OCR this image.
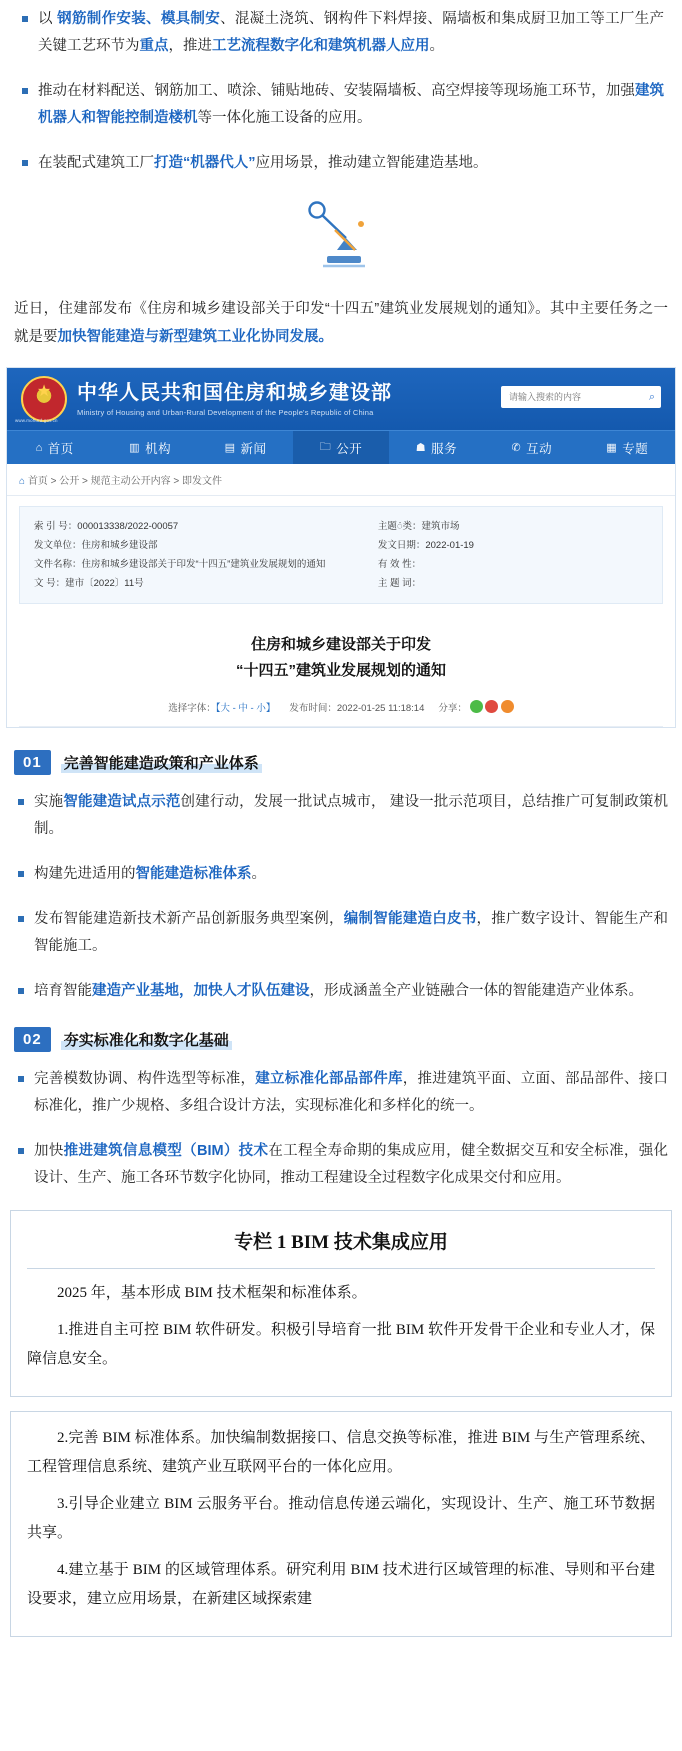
以 钢筋制作安装、模具制安、混凝土浇筑、钢构件下料焊接、隔墙板和集成厨卫加工等工厂生产关键工艺环节为重点，推进工艺流程数字化和建筑机器人应用。
推动在材料配送、钢筋加工、喷涂、铺贴地砖、安装隔墙板、高空焊接等现场施工环节，加强建筑机器人和智能控制造楼机等一体化施工设备的应用。
在装配式建筑工厂打造“机器代人”应用场景，推动建立智能建造基地。
近日，住建部发布《住房和城乡建设部关于印发“十四五”建筑业发展规划的通知》。其中主要任务之一就是要加快智能建造与新型建筑工业化协同发展。
★
中华人民共和国住房和城乡建设部
Ministry of Housing and Urban-Rural Development of the People's Republic of China
www.mohurd.gov.cn
请输入搜索的内容
⌕
⌂ 首页	▥ 机构	▤ 新闻	🗀 公开	☗ 服务	✆ 互动	▦ 专题
⌂ 首页 > 公开 > 规范主动公开内容 > 即发文件
索 引 号：000013338/2022-00057
发文单位：住房和城乡建设部
文件名称：住房和城乡建设部关于印发“十四五”建筑业发展规划的通知
文 号：建市〔2022〕11号
主题ं类：建筑市场
发文日期：2022-01-19
有 效 性：
主 题 词：
住房和城乡建设部关于印发
“十四五”建筑业发展规划的通知
选择字体：【大 - 中 - 小】 发布时间：2022-01-25 11:18:14 分享：
01	完善智能建造政策和产业体系
实施智能建造试点示范创建行动，发展一批试点城市， 建设一批示范项目，总结推广可复制政策机制。
构建先进适用的智能建造标准体系。
发布智能建造新技术新产品创新服务典型案例，编制智能建造白皮书，推广数字设计、智能生产和智能施工。
培育智能建造产业基地，加快人才队伍建设，形成涵盖全产业链融合一体的智能建造产业体系。
02	夯实标准化和数字化基础
完善模数协调、构件选型等标准，建立标准化部品部件库，推进建筑平面、立面、部品部件、接口标准化，推广少规格、多组合设计方法，实现标准化和多样化的统一。
加快推进建筑信息模型（BIM）技术在工程全寿命期的集成应用，健全数据交互和安全标准，强化设计、生产、施工各环节数字化协同，推动工程建设全过程数字化成果交付和应用。
专栏 1 BIM 技术集成应用

2025 年，基本形成 BIM 技术框架和标准体系。

1.推进自主可控 BIM 软件研发。积极引导培育一批 BIM 软件开发骨干企业和专业人才，保障信息安全。

2.完善 BIM 标准体系。加快编制数据接口、信息交换等标准，推进 BIM 与生产管理系统、工程管理信息系统、建筑产业互联网平台的一体化应用。

3.引导企业建立 BIM 云服务平台。推动信息传递云端化，实现设计、生产、施工环节数据共享。

4.建立基于 BIM 的区域管理体系。研究利用 BIM 技术进行区域管理的标准、导则和平台建设要求，建立应用场景，在新建区域探索建
